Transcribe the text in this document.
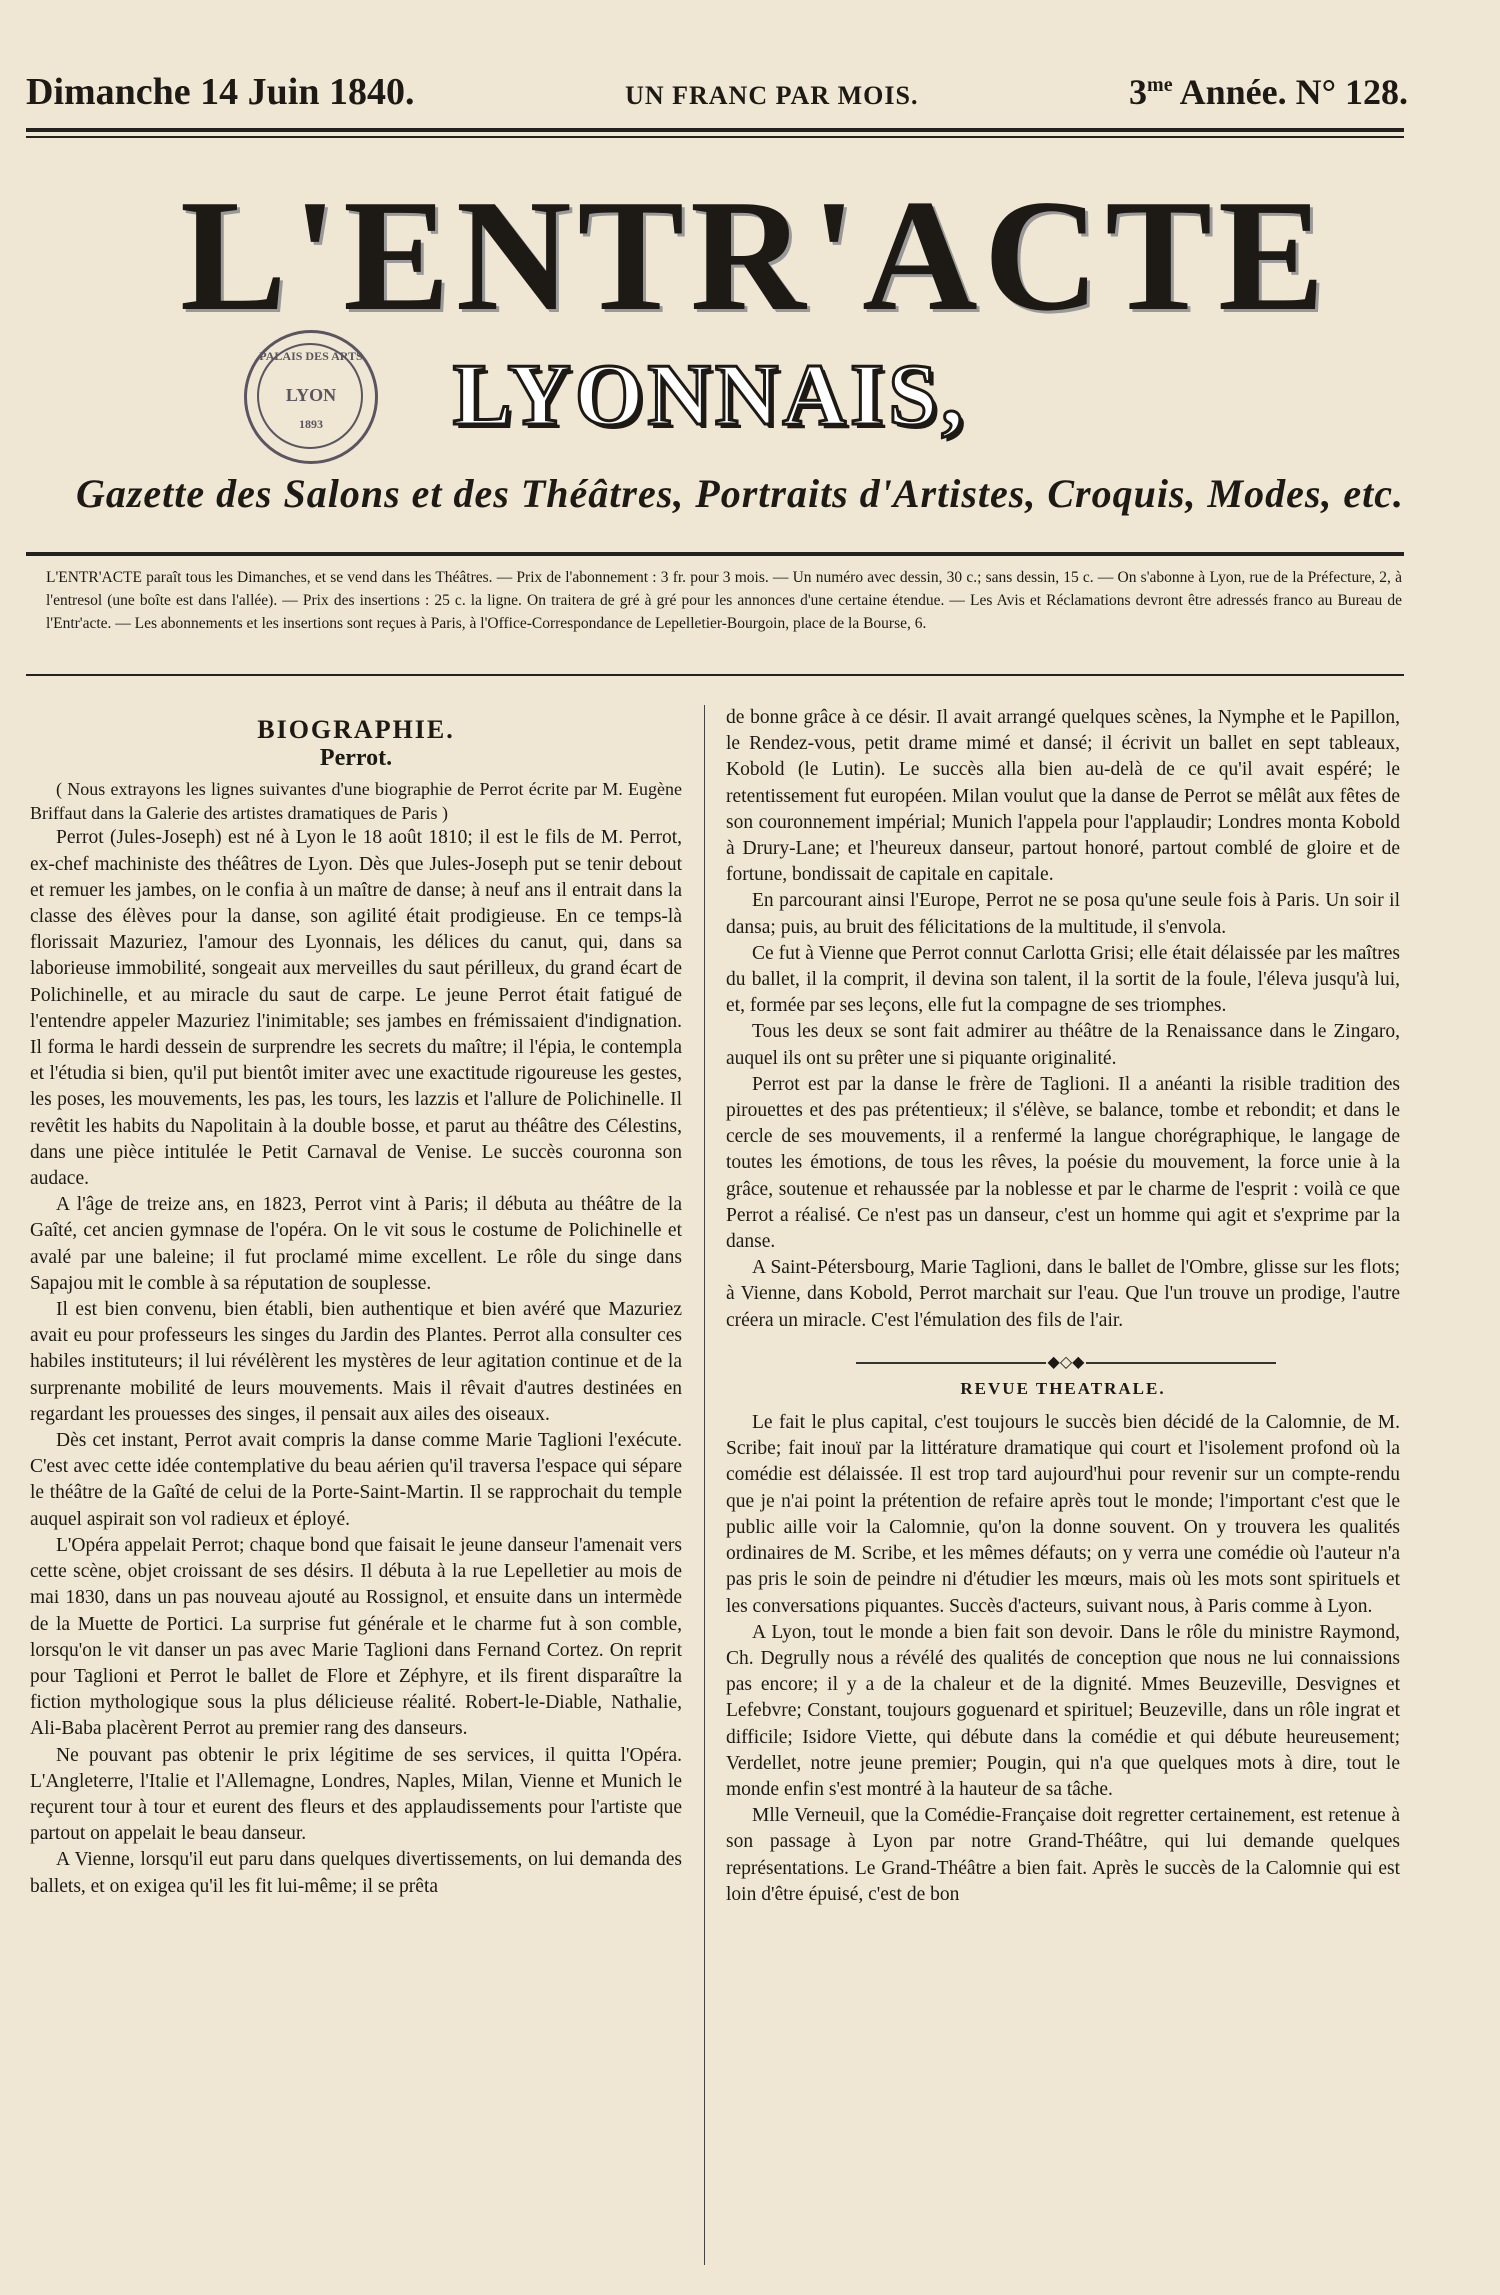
Dimanche 14 Juin 1840.	UN FRANC PAR MOIS.	$3^{me}$ Année. N° 128.
L'ENTR'ACTE
PALAIS DES ARTS
LYON
1893	LYONNAIS,
Gazette des Salons et des Théâtres, Portraits d'Artistes, Croquis, Modes, etc.
L'ENTR'ACTE paraît tous les Dimanches, et se vend dans les Théâtres. — Prix de l'abonnement : 3 fr. pour 3 mois. — Un numéro avec dessin, 30 c.; sans dessin, 15 c. — On s'abonne à Lyon, rue de la Préfecture, 2, à l'entresol (une boîte est dans l'allée). — Prix des insertions : 25 c. la ligne. On traitera de gré à gré pour les annonces d'une certaine étendue. — Les Avis et Réclamations devront être adressés franco au Bureau de l'Entr'acte. — Les abonnements et les insertions sont reçues à Paris, à l'Office-Correspondance de Lepelletier-Bourgoin, place de la Bourse, 6.
BIOGRAPHIE.
Perrot.

( Nous extrayons les lignes suivantes d'une biographie de Perrot écrite par M. Eugène Briffaut dans la Galerie des artistes dramatiques de Paris )

Perrot (Jules-Joseph) est né à Lyon le 18 août 1810; il est le fils de M. Perrot, ex-chef machiniste des théâtres de Lyon. Dès que Jules-Joseph put se tenir debout et remuer les jambes, on le confia à un maître de danse; à neuf ans il entrait dans la classe des élèves pour la danse, son agilité était prodigieuse. En ce temps-là florissait Mazuriez, l'amour des Lyonnais, les délices du canut, qui, dans sa laborieuse immobilité, songeait aux merveilles du saut périlleux, du grand écart de Polichinelle, et au miracle du saut de carpe. Le jeune Perrot était fatigué de l'entendre appeler Mazuriez l'inimitable; ses jambes en frémissaient d'indignation. Il forma le hardi dessein de surprendre les secrets du maître; il l'épia, le contempla et l'étudia si bien, qu'il put bientôt imiter avec une exactitude rigoureuse les gestes, les poses, les mouvements, les pas, les tours, les lazzis et l'allure de Polichinelle. Il revêtit les habits du Napolitain à la double bosse, et parut au théâtre des Célestins, dans une pièce intitulée le Petit Carnaval de Venise. Le succès couronna son audace.

A l'âge de treize ans, en 1823, Perrot vint à Paris; il débuta au théâtre de la Gaîté, cet ancien gymnase de l'opéra. On le vit sous le costume de Polichinelle et avalé par une baleine; il fut proclamé mime excellent. Le rôle du singe dans Sapajou mit le comble à sa réputation de souplesse.

Il est bien convenu, bien établi, bien authentique et bien avéré que Mazuriez avait eu pour professeurs les singes du Jardin des Plantes. Perrot alla consulter ces habiles instituteurs; il lui révélèrent les mystères de leur agitation continue et de la surprenante mobilité de leurs mouvements. Mais il rêvait d'autres destinées en regardant les prouesses des singes, il pensait aux ailes des oiseaux.

Dès cet instant, Perrot avait compris la danse comme Marie Taglioni l'exécute. C'est avec cette idée contemplative du beau aérien qu'il traversa l'espace qui sépare le théâtre de la Gaîté de celui de la Porte-Saint-Martin. Il se rapprochait du temple auquel aspirait son vol radieux et éployé.

L'Opéra appelait Perrot; chaque bond que faisait le jeune danseur l'amenait vers cette scène, objet croissant de ses désirs. Il débuta à la rue Lepelletier au mois de mai 1830, dans un pas nouveau ajouté au Rossignol, et ensuite dans un intermède de la Muette de Portici. La surprise fut générale et le charme fut à son comble, lorsqu'on le vit danser un pas avec Marie Taglioni dans Fernand Cortez. On reprit pour Taglioni et Perrot le ballet de Flore et Zéphyre, et ils firent disparaître la fiction mythologique sous la plus délicieuse réalité. Robert-le-Diable, Nathalie, Ali-Baba placèrent Perrot au premier rang des danseurs.

Ne pouvant pas obtenir le prix légitime de ses services, il quitta l'Opéra. L'Angleterre, l'Italie et l'Allemagne, Londres, Naples, Milan, Vienne et Munich le reçurent tour à tour et eurent des fleurs et des applaudissements pour l'artiste que partout on appelait le beau danseur.

A Vienne, lorsqu'il eut paru dans quelques divertissements, on lui demanda des ballets, et on exigea qu'il les fit lui-même; il se prêta

de bonne grâce à ce désir. Il avait arrangé quelques scènes, la Nymphe et le Papillon, le Rendez-vous, petit drame mimé et dansé; il écrivit un ballet en sept tableaux, Kobold (le Lutin). Le succès alla bien au-delà de ce qu'il avait espéré; le retentissement fut européen. Milan voulut que la danse de Perrot se mêlât aux fêtes de son couronnement impérial; Munich l'appela pour l'applaudir; Londres monta Kobold à Drury-Lane; et l'heureux danseur, partout honoré, partout comblé de gloire et de fortune, bondissait de capitale en capitale.

En parcourant ainsi l'Europe, Perrot ne se posa qu'une seule fois à Paris. Un soir il dansa; puis, au bruit des félicitations de la multitude, il s'envola.

Ce fut à Vienne que Perrot connut Carlotta Grisi; elle était délaissée par les maîtres du ballet, il la comprit, il devina son talent, il la sortit de la foule, l'éleva jusqu'à lui, et, formée par ses leçons, elle fut la compagne de ses triomphes.

Tous les deux se sont fait admirer au théâtre de la Renaissance dans le Zingaro, auquel ils ont su prêter une si piquante originalité.

Perrot est par la danse le frère de Taglioni. Il a anéanti la risible tradition des pirouettes et des pas prétentieux; il s'élève, se balance, tombe et rebondit; et dans le cercle de ses mouvements, il a renfermé la langue chorégraphique, le langage de toutes les émotions, de tous les rêves, la poésie du mouvement, la force unie à la grâce, soutenue et rehaussée par la noblesse et par le charme de l'esprit : voilà ce que Perrot a réalisé. Ce n'est pas un danseur, c'est un homme qui agit et s'exprime par la danse.

A Saint-Pétersbourg, Marie Taglioni, dans le ballet de l'Ombre, glisse sur les flots; à Vienne, dans Kobold, Perrot marchait sur l'eau. Que l'un trouve un prodige, l'autre créera un miracle. C'est l'émulation des fils de l'air.

◆◇◆
REVUE THEATRALE.

Le fait le plus capital, c'est toujours le succès bien décidé de la Calomnie, de M. Scribe; fait inouï par la littérature dramatique qui court et l'isolement profond où la comédie est délaissée. Il est trop tard aujourd'hui pour revenir sur un compte-rendu que je n'ai point la prétention de refaire après tout le monde; l'important c'est que le public aille voir la Calomnie, qu'on la donne souvent. On y trouvera les qualités ordinaires de M. Scribe, et les mêmes défauts; on y verra une comédie où l'auteur n'a pas pris le soin de peindre ni d'étudier les mœurs, mais où les mots sont spirituels et les conversations piquantes. Succès d'acteurs, suivant nous, à Paris comme à Lyon.

A Lyon, tout le monde a bien fait son devoir. Dans le rôle du ministre Raymond, Ch. Degrully nous a révélé des qualités de conception que nous ne lui connaissions pas encore; il y a de la chaleur et de la dignité. Mmes Beuzeville, Desvignes et Lefebvre; Constant, toujours goguenard et spirituel; Beuzeville, dans un rôle ingrat et difficile; Isidore Viette, qui débute dans la comédie et qui débute heureusement; Verdellet, notre jeune premier; Pougin, qui n'a que quelques mots à dire, tout le monde enfin s'est montré à la hauteur de sa tâche.

Mlle Verneuil, que la Comédie-Française doit regretter certainement, est retenue à son passage à Lyon par notre Grand-Théâtre, qui lui demande quelques représentations. Le Grand-Théâtre a bien fait. Après le succès de la Calomnie qui est loin d'être épuisé, c'est de bon
